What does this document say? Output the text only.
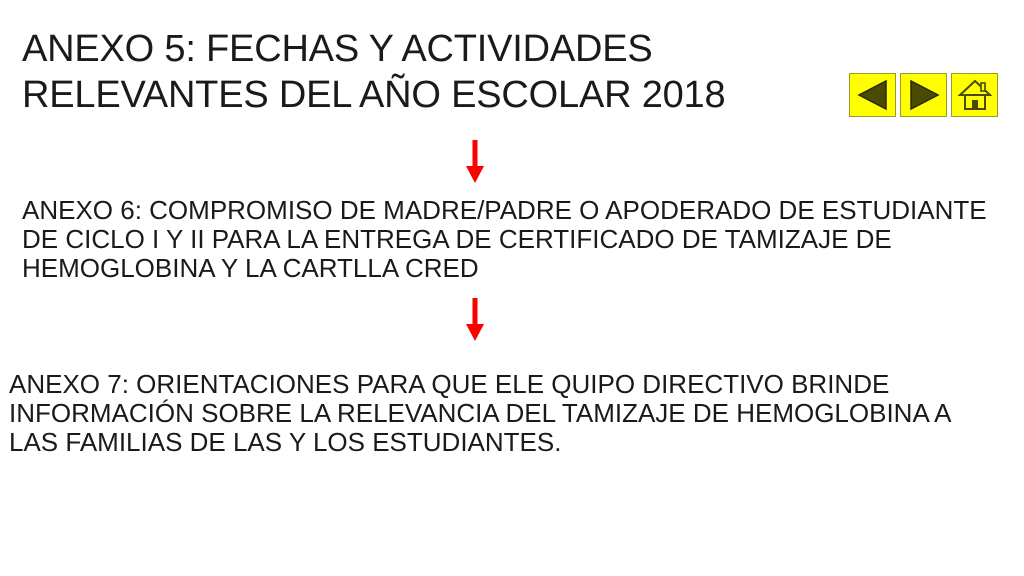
ANEXO 5: FECHAS Y ACTIVIDADES RELEVANTES DEL AÑO ESCOLAR 2018

ANEXO 6: COMPROMISO DE MADRE/PADRE O APODERADO DE ESTUDIANTE DE CICLO I Y II PARA LA ENTREGA DE CERTIFICADO DE TAMIZAJE DE HEMOGLOBINA Y LA CARTLLA CRED

ANEXO 7: ORIENTACIONES PARA QUE ELE QUIPO DIRECTIVO BRINDE INFORMACIÓN SOBRE LA RELEVANCIA DEL TAMIZAJE DE HEMOGLOBINA A LAS FAMILIAS DE LAS Y LOS ESTUDIANTES.
